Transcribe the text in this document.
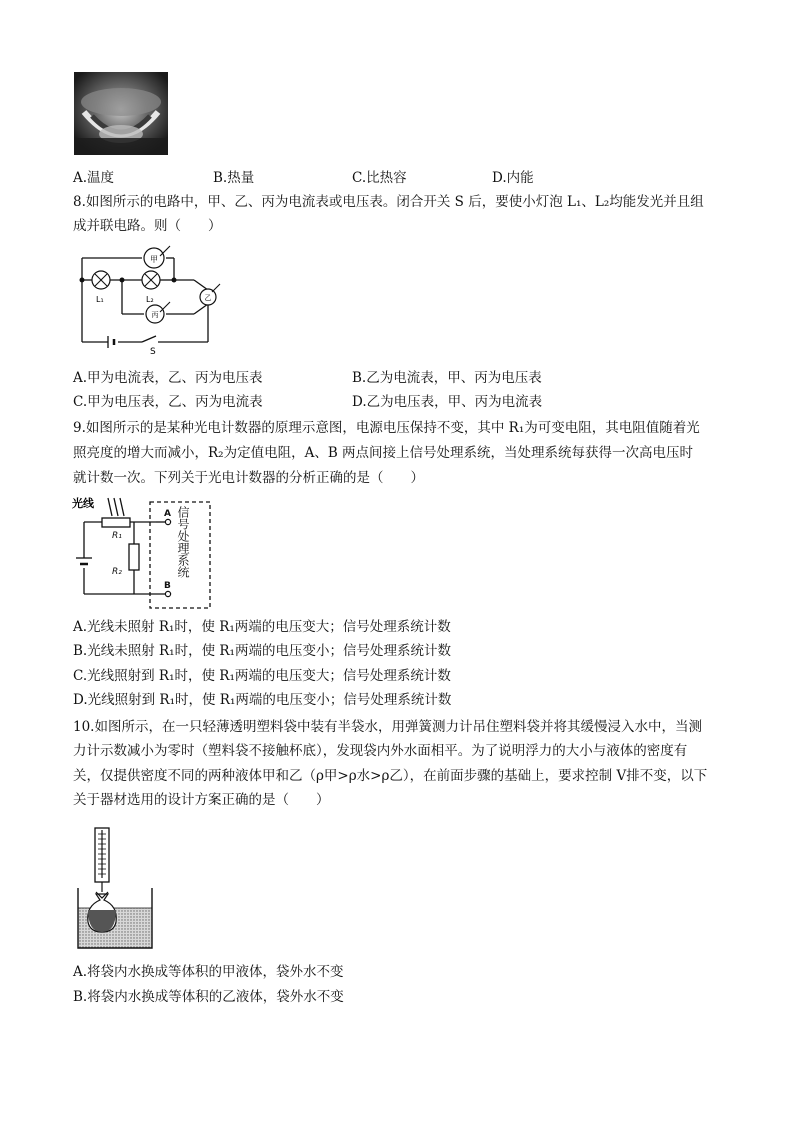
A.温度	B.热量	C.比热容	D.内能
8.如图所示的电路中，甲、乙、丙为电流表或电压表。闭合开关 S 后，要使小灯泡 L₁、L₂均能发光并且组
成并联电路。则（　　）
甲
乙
丙
L₁	L₂
S
A.甲为电流表，乙、丙为电压表	B.乙为电流表，甲、丙为电压表
C.甲为电压表，乙、丙为电流表	D.乙为电压表，甲、丙为电流表
9.如图所示的是某种光电计数器的原理示意图，电源电压保持不变，其中 R₁为可变电阻，其电阻值随着光
照亮度的增大而减小，R₂为定值电阻，A、B 两点间接上信号处理系统，当处理系统每获得一次高电压时
就计数一次。下列关于光电计数器的分析正确的是（　　）
光线
R₁
R₂
A
B
信号处理系统
A.光线未照射 R₁时，使 R₁两端的电压变大；信号处理系统计数
B.光线未照射 R₁时，使 R₁两端的电压变小；信号处理系统计数
C.光线照射到 R₁时，使 R₁两端的电压变大；信号处理系统计数
D.光线照射到 R₁时，使 R₁两端的电压变小；信号处理系统计数
10.如图所示，在一只轻薄透明塑料袋中装有半袋水，用弹簧测力计吊住塑料袋并将其缓慢浸入水中，当测
力计示数减小为零时（塑料袋不接触杯底），发现袋内外水面相平。为了说明浮力的大小与液体的密度有
关，仅提供密度不同的两种液体甲和乙（ρ甲>ρ水>ρ乙），在前面步骤的基础上，要求控制 V排不变，以下
关于器材选用的设计方案正确的是（　　）
A.将袋内水换成等体积的甲液体，袋外水不变
B.将袋内水换成等体积的乙液体，袋外水不变
